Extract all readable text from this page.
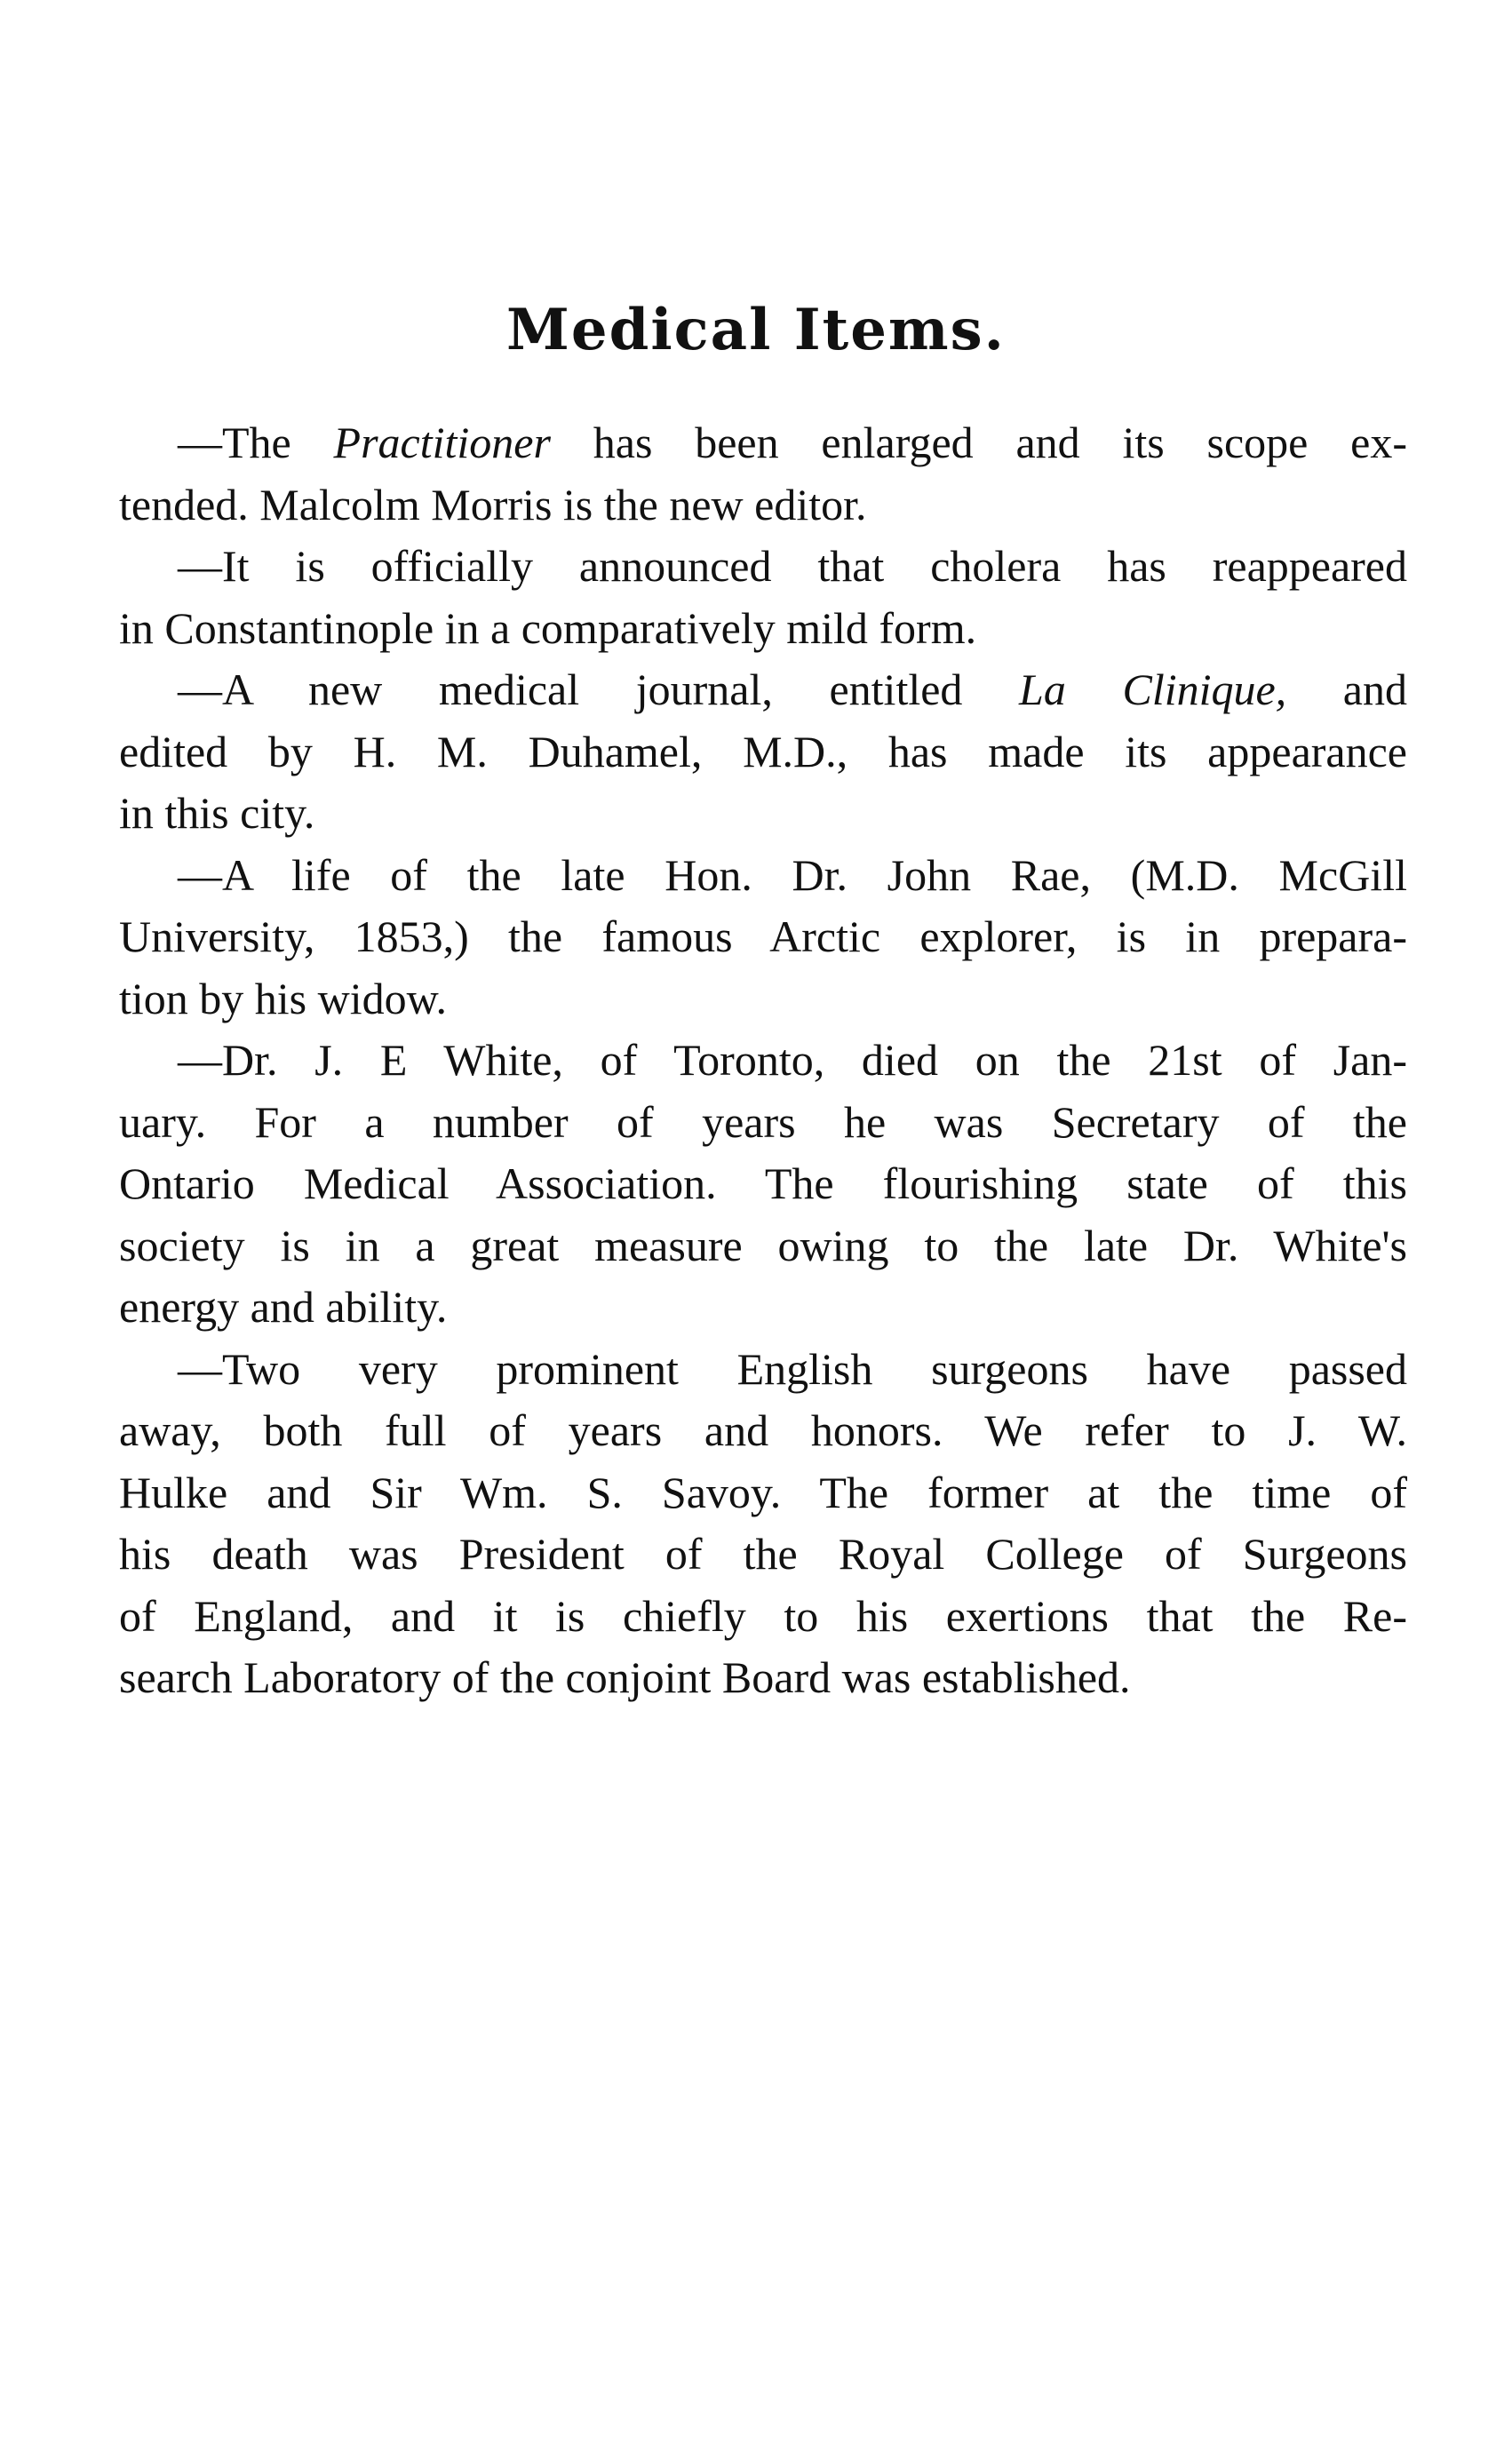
Medical Items.
—The Practitioner has been enlarged and its scope ex-
tended. Malcolm Morris is the new editor.
—It is officially announced that cholera has reappeared
in Constantinople in a comparatively mild form.
—A new medical journal, entitled La Clinique, and
edited by H. M. Duhamel, M.D., has made its appearance
in this city.
—A life of the late Hon. Dr. John Rae, (M.D. McGill
University, 1853,) the famous Arctic explorer, is in prepara-
tion by his widow.
—Dr. J. E White, of Toronto, died on the 21st of Jan-
uary. For a number of years he was Secretary of the
Ontario Medical Association. The flourishing state of this
society is in a great measure owing to the late Dr. White's
energy and ability.
—Two very prominent English surgeons have passed
away, both full of years and honors. We refer to J. W.
Hulke and Sir Wm. S. Savoy. The former at the time of
his death was President of the Royal College of Surgeons
of England, and it is chiefly to his exertions that the Re-
search Laboratory of the conjoint Board was established.
